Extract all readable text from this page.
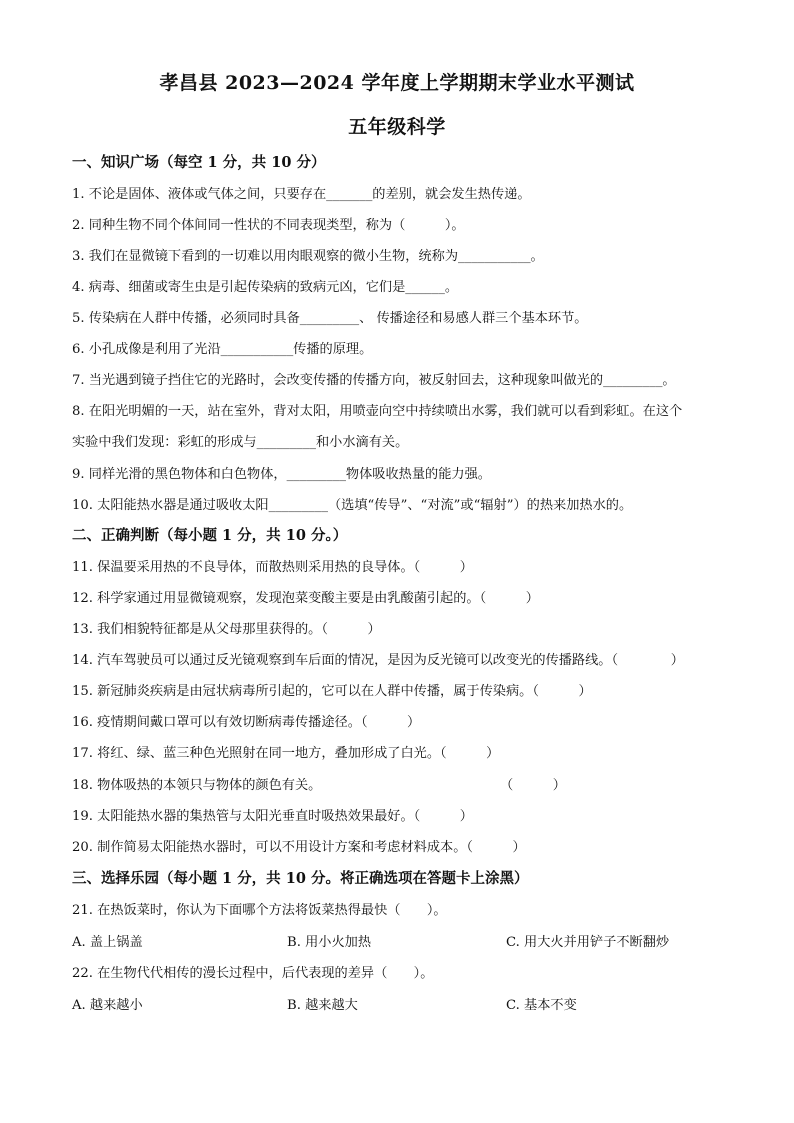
孝昌县 2023—2024 学年度上学期期末学业水平测试
五年级科学
一、知识广场（每空 1 分，共 10 分）
1. 不论是固体、液体或气体之间，只要存在_______的差别，就会发生热传递。
2. 同种生物不同个体间同一性状的不同表现类型，称为（　　　）。
3. 我们在显微镜下看到的一切难以用肉眼观察的微小生物，统称为___________。
4. 病毒、细菌或寄生虫是引起传染病的致病元凶，它们是______。
5. 传染病在人群中传播，必须同时具备_________、 传播途径和易感人群三个基本环节。
6. 小孔成像是利用了光沿___________传播的原理。
7. 当光遇到镜子挡住它的光路时，会改变传播的传播方向，被反射回去，这种现象叫做光的_________。
8. 在阳光明媚的一天，站在室外，背对太阳，用喷壶向空中持续喷出水雾，我们就可以看到彩虹。在这个
实验中我们发现：彩虹的形成与_________和小水滴有关。
9. 同样光滑的黑色物体和白色物体，_________物体吸收热量的能力强。
10. 太阳能热水器是通过吸收太阳_________（选填“传导”、“对流”或“辐射”）的热来加热水的。
二、正确判断（每小题 1 分，共 10 分。）
11. 保温要采用热的不良导体，而散热则采用热的良导体。（　　　）
12. 科学家通过用显微镜观察，发现泡菜变酸主要是由乳酸菌引起的。（　　　）
13. 我们相貌特征都是从父母那里获得的。（　　　）
14. 汽车驾驶员可以通过反光镜观察到车后面的情况，是因为反光镜可以改变光的传播路线。（　　　　）
15. 新冠肺炎疾病是由冠状病毒所引起的，它可以在人群中传播，属于传染病。（　　　）
16. 疫情期间戴口罩可以有效切断病毒传播途径。（　　　）
17. 将红、绿、蓝三种色光照射在同一地方，叠加形成了白光。（　　　）
18. 物体吸热的本领只与物体的颜色有关。	（　　　）
19. 太阳能热水器的集热管与太阳光垂直时吸热效果最好。（　　　）
20. 制作简易太阳能热水器时，可以不用设计方案和考虑材料成本。（　　　）
三、选择乐园（每小题 1 分，共 10 分。将正确选项在答题卡上涂黑）
21. 在热饭菜时，你认为下面哪个方法将饭菜热得最快（　　）。
A. 盖上锅盖	B. 用小火加热	C. 用大火并用铲子不断翻炒
22. 在生物代代相传的漫长过程中，后代表现的差异（　　）。
A. 越来越小	B. 越来越大	C. 基本不变
